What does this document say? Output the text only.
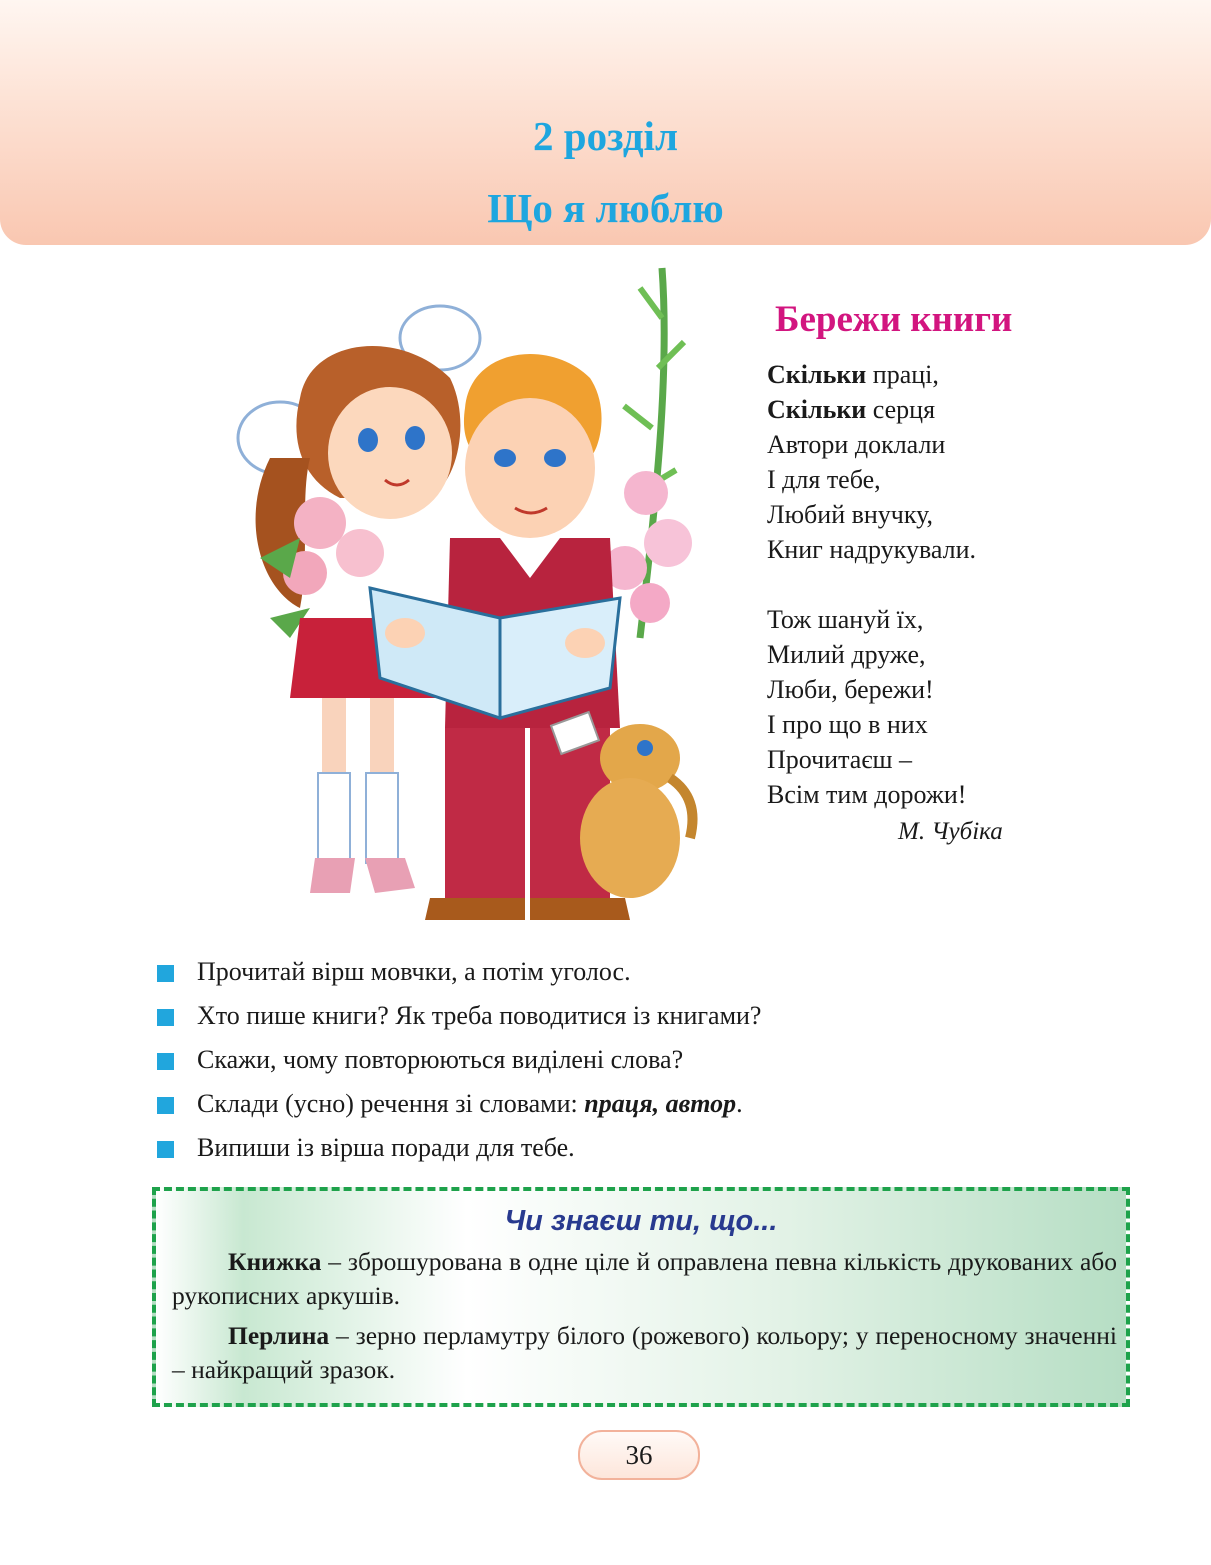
2 розділ
Що я люблю
Бережи книги
Скільки праці,
Скільки серця
Автори доклали
І для тебе,
Любий внучку,
Книг надрукували.
Тож шануй їх,
Милий друже,
Люби, бережи!
І про що в них
Прочитаєш –
Всім тим дорожи!
М. Чубіка
Прочитай вірш мовчки, а потім уголос.
Хто пише книги? Як треба поводитися із книгами?
Скажи, чому повторюються виділені слова?
Склади (усно) речення зі словами: праця, автор.
Випиши із вірша поради для тебе.
Чи знаєш ти, що...
Книжка – зброшурована в одне ціле й оправлена певна кількість друкованих або рукописних аркушів.
Перлина – зерно перламутру білого (рожевого) кольору; у переносному значенні – найкращий зразок.
36
